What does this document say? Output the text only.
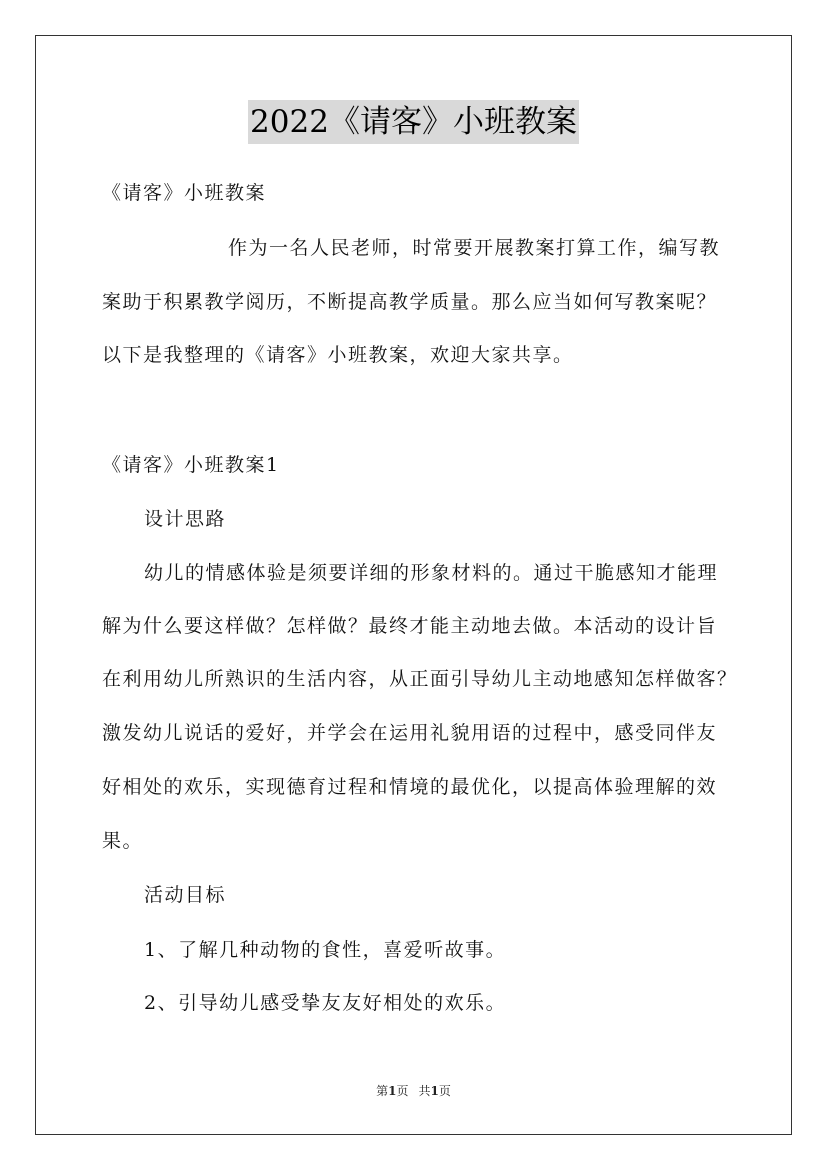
2022《请客》小班教案
《请客》小班教案
作为一名人民老师，时常要开展教案打算工作，编写教
案助于积累教学阅历，不断提高教学质量。那么应当如何写教案呢？
以下是我整理的《请客》小班教案，欢迎大家共享。
《请客》小班教案1
设计思路
幼儿的情感体验是须要详细的形象材料的。通过干脆感知才能理
解为什么要这样做？怎样做？最终才能主动地去做。本活动的设计旨
在利用幼儿所熟识的生活内容，从正面引导幼儿主动地感知怎样做客？
激发幼儿说话的爱好，并学会在运用礼貌用语的过程中，感受同伴友
好相处的欢乐，实现德育过程和情境的最优化，以提高体验理解的效
果。
活动目标
1、了解几种动物的食性，喜爱听故事。
2、引导幼儿感受挚友友好相处的欢乐。
第1页 共1页
